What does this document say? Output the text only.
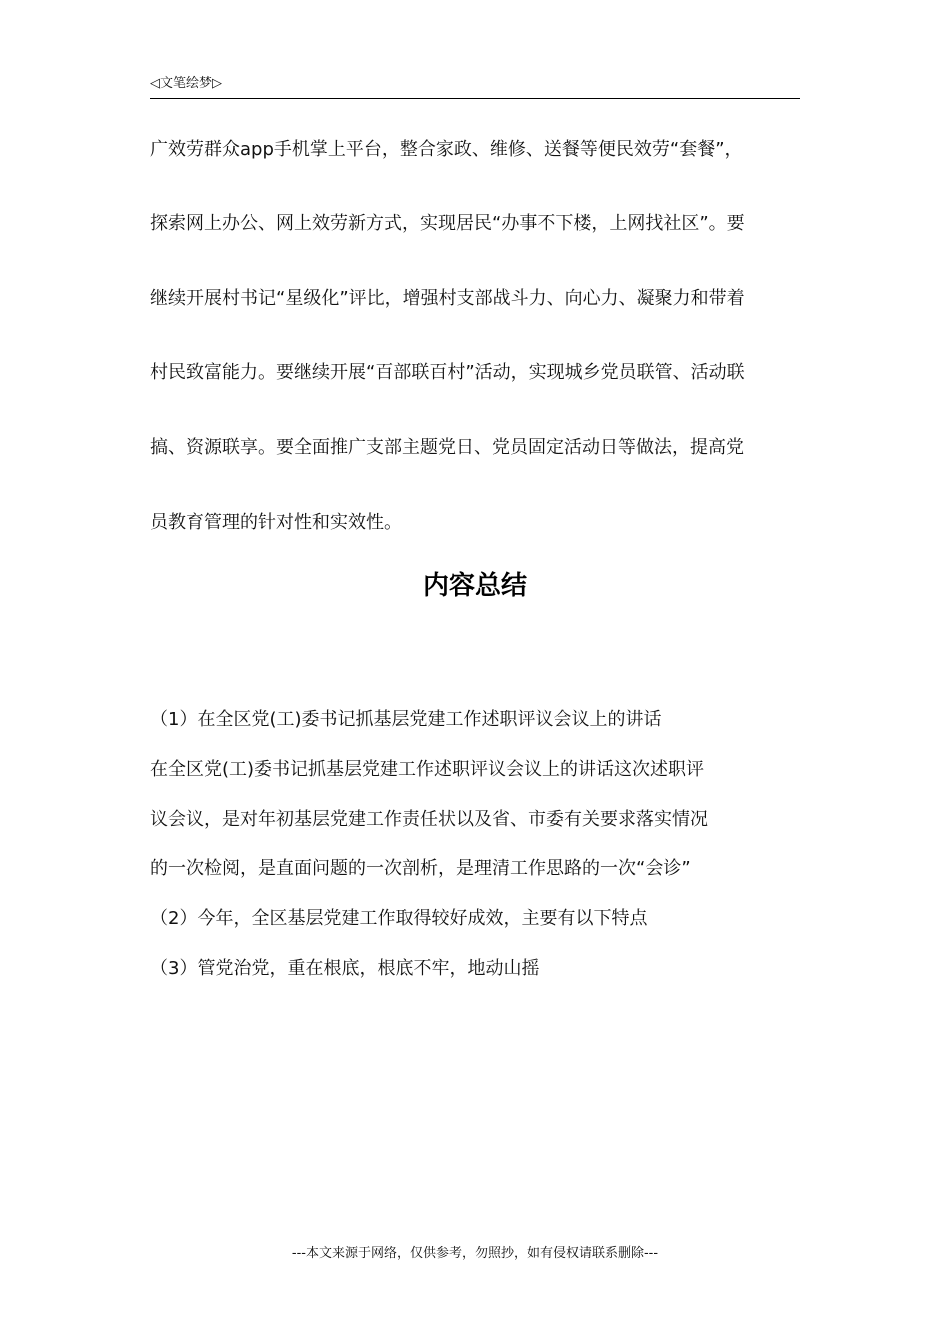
◁文笔绘梦▷
广效劳群众app手机掌上平台，整合家政、维修、送餐等便民效劳“套餐”，
探索网上办公、网上效劳新方式，实现居民“办事不下楼，上网找社区”。要
继续开展村书记“星级化”评比，增强村支部战斗力、向心力、凝聚力和带着
村民致富能力。要继续开展“百部联百村”活动，实现城乡党员联管、活动联
搞、资源联享。要全面推广支部主题党日、党员固定活动日等做法，提高党
员教育管理的针对性和实效性。
内容总结
（1）在全区党(工)委书记抓基层党建工作述职评议会议上的讲话
在全区党(工)委书记抓基层党建工作述职评议会议上的讲话这次述职评
议会议，是对年初基层党建工作责任状以及省、市委有关要求落实情况
的一次检阅，是直面问题的一次剖析，是理清工作思路的一次“会诊”
（2）今年，全区基层党建工作取得较好成效，主要有以下特点
（3）管党治党，重在根底，根底不牢，地动山摇
---本文来源于网络，仅供参考，勿照抄，如有侵权请联系删除---
